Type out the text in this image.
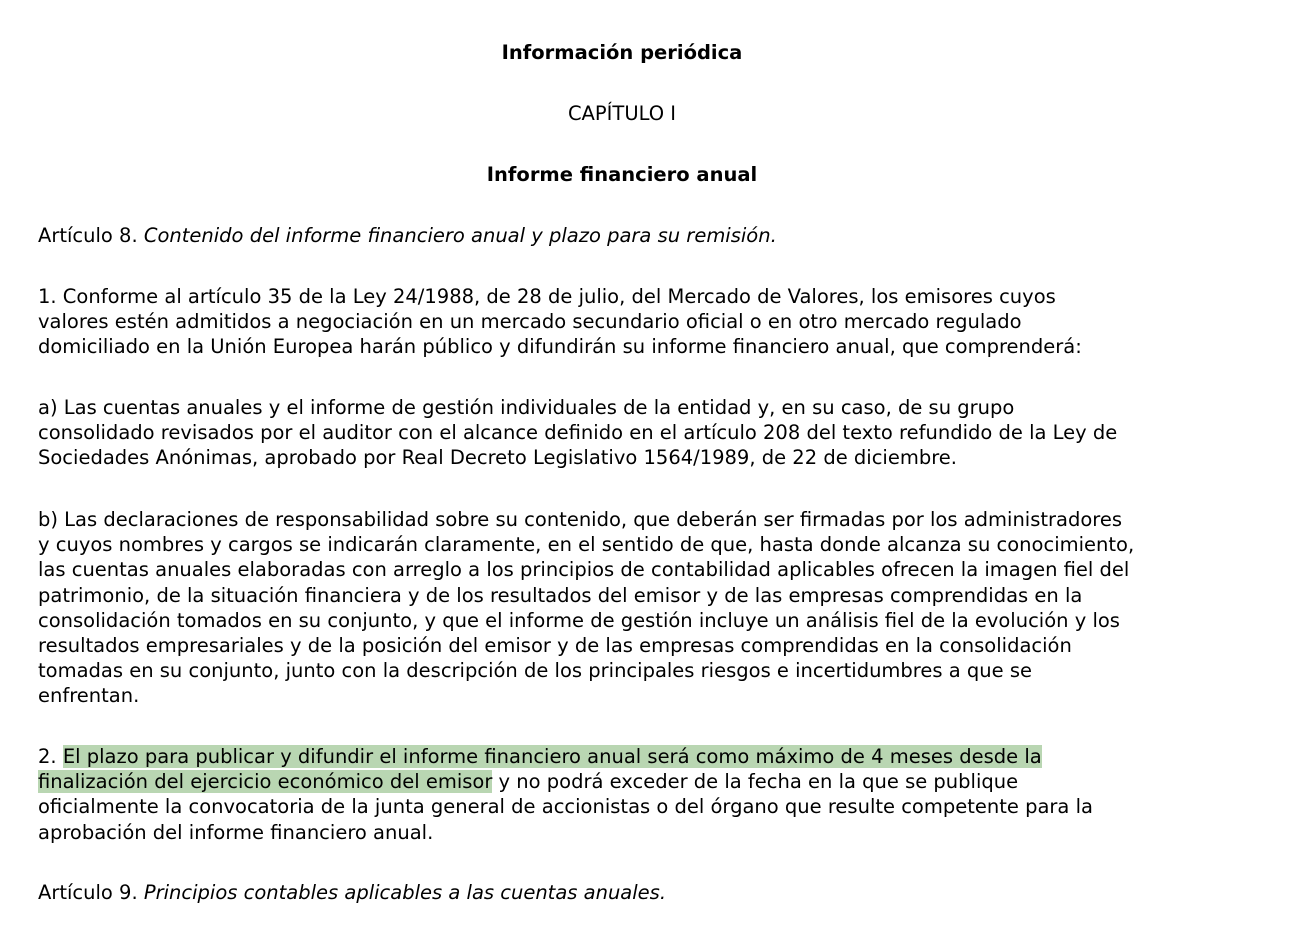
Información periódica
CAPÍTULO I
Informe financiero anual
Artículo 8. Contenido del informe financiero anual y plazo para su remisión.
1. Conforme al artículo 35 de la Ley 24/1988, de 28 de julio, del Mercado de Valores, los emisores cuyos
valores estén admitidos a negociación en un mercado secundario oficial o en otro mercado regulado
domiciliado en la Unión Europea harán público y difundirán su informe financiero anual, que comprenderá:
a) Las cuentas anuales y el informe de gestión individuales de la entidad y, en su caso, de su grupo
consolidado revisados por el auditor con el alcance definido en el artículo 208 del texto refundido de la Ley de
Sociedades Anónimas, aprobado por Real Decreto Legislativo 1564/1989, de 22 de diciembre.
b) Las declaraciones de responsabilidad sobre su contenido, que deberán ser firmadas por los administradores
y cuyos nombres y cargos se indicarán claramente, en el sentido de que, hasta donde alcanza su conocimiento,
las cuentas anuales elaboradas con arreglo a los principios de contabilidad aplicables ofrecen la imagen fiel del
patrimonio, de la situación financiera y de los resultados del emisor y de las empresas comprendidas en la
consolidación tomados en su conjunto, y que el informe de gestión incluye un análisis fiel de la evolución y los
resultados empresariales y de la posición del emisor y de las empresas comprendidas en la consolidación
tomadas en su conjunto, junto con la descripción de los principales riesgos e incertidumbres a que se
enfrentan.
2. El plazo para publicar y difundir el informe financiero anual será como máximo de 4 meses desde la
finalización del ejercicio económico del emisor y no podrá exceder de la fecha en la que se publique
oficialmente la convocatoria de la junta general de accionistas o del órgano que resulte competente para la
aprobación del informe financiero anual.
Artículo 9. Principios contables aplicables a las cuentas anuales.
